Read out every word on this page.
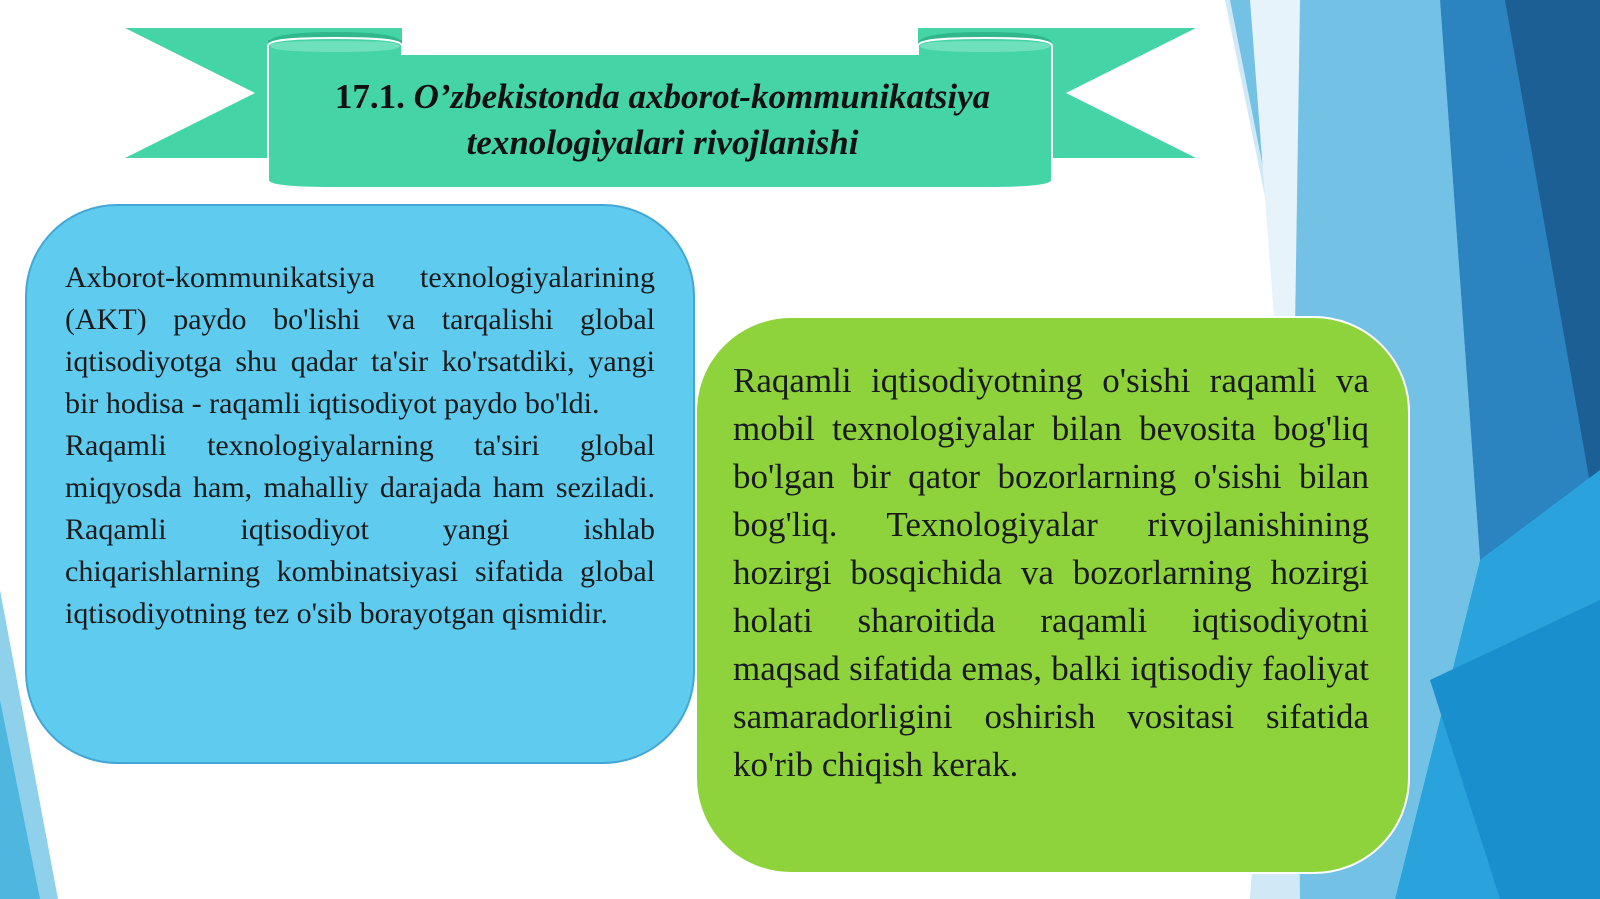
17.1. O’zbekistonda axborot-kommunikatsiya texnologiyalari rivojlanishi

Axborot-kommunikatsiya texnologiyalarining (AKT) paydo bo'lishi va tarqalishi global iqtisodiyotga shu qadar ta'sir ko'rsatdiki, yangi bir hodisa - raqamli iqtisodiyot paydo bo'ldi.

Raqamli texnologiyalarning ta'siri global miqyosda ham, mahalliy darajada ham seziladi. Raqamli iqtisodiyot yangi ishlab chiqarishlarning kombinatsiyasi sifatida global iqtisodiyotning tez o'sib borayotgan qismidir.

Raqamli iqtisodiyotning o'sishi raqamli va mobil texnologiyalar bilan bevosita bog'liq bo'lgan bir qator bozorlarning o'sishi bilan bog'liq. Texnologiyalar rivojlanishining hozirgi bosqichida va bozorlarning hozirgi holati sharoitida raqamli iqtisodiyotni maqsad sifatida emas, balki iqtisodiy faoliyat samaradorligini oshirish vositasi sifatida ko'rib chiqish kerak.
